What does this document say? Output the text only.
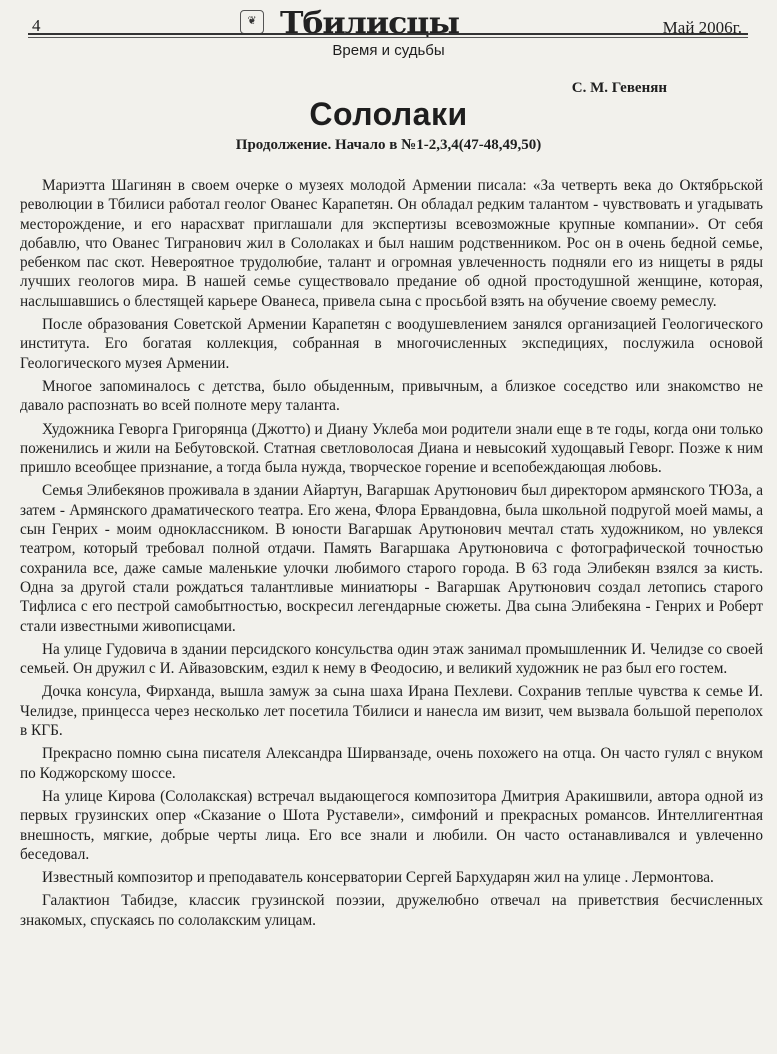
4	❦ Тбилисцы	Май 2006г.
Время и судьбы
С. М. Гевенян
Сололаки
Продолжение. Начало в №1-2,3,4(47-48,49,50)

Мариэтта Шагинян в своем очерке о музеях молодой Армении писала: «За четверть века до Октябрьской революции в Тбилиси работал геолог Ованес Карапетян. Он обладал редким талантом - чувствовать и угадывать месторождение, и его нарасхват приглашали для экспертизы всевозможные крупные компании». От себя добавлю, что Ованес Тигранович жил в Сололаках и был нашим родственником. Рос он в очень бедной семье, ребенком пас скот. Невероятное трудолюбие, талант и огромная увлеченность подняли его из нищеты в ряды лучших геологов мира. В нашей семье существовало предание об одной простодушной женщине, которая, наслышавшись о блестящей карьере Ованеса, привела сына с просьбой взять на обучение своему ремеслу.

После образования Советской Армении Карапетян с воодушевлением занялся организацией Геологического института. Его богатая коллекция, собранная в многочисленных экспедициях, послужила основой Геологического музея Армении.

Многое запоминалось с детства, было обыденным, привычным, а близкое соседство или знакомство не давало распознать во всей полноте меру таланта.

Художника Геворга Григорянца (Джотто) и Диану Уклеба мои родители знали еще в те годы, когда они только поженились и жили на Бебутовской. Статная светловолосая Диана и невысокий худощавый Геворг. Позже к ним пришло всеобщее признание, а тогда была нужда, творческое горение и всепобеждающая любовь.

Семья Элибекянов проживала в здании Айартун, Вагаршак Арутюнович был директором армянского ТЮЗа, а затем - Армянского драматического театра. Его жена, Флора Ервандовна, была школьной подругой моей мамы, а сын Генрих - моим одноклассником. В юности Вагаршак Арутюнович мечтал стать художником, но увлекся театром, который требовал полной отдачи. Память Вагаршака Арутюновича с фотографической точностью сохранила все, даже самые маленькие улочки любимого старого города. В 63 года Элибекян взялся за кисть. Одна за другой стали рождаться талантливые миниатюры - Вагаршак Арутюнович создал летопись старого Тифлиса с его пестрой самобытностью, воскресил легендарные сюжеты. Два сына Элибекяна - Генрих и Роберт стали известными живописцами.

На улице Гудовича в здании персидского консульства один этаж занимал промышленник И. Челидзе со своей семьей. Он дружил с И. Айвазовским, ездил к нему в Феодосию, и великий художник не раз был его гостем.

Дочка консула, Фирханда, вышла замуж за сына шаха Ирана Пехлеви. Сохранив теплые чувства к семье И. Челидзе, принцесса через несколько лет посетила Тбилиси и нанесла им визит, чем вызвала большой переполох в КГБ.

Прекрасно помню сына писателя Александра Ширванзаде, очень похожего на отца. Он часто гулял с внуком по Коджорскому шоссе.

На улице Кирова (Сололакская) встречал выдающегося композитора Дмитрия Аракишвили, автора одной из первых грузинских опер «Сказание о Шота Руставели», симфоний и прекрасных романсов. Интеллигентная внешность, мягкие, добрые черты лица. Его все знали и любили. Он часто останавливался и увлеченно беседовал.

Известный композитор и преподаватель консерватории Сергей Бархударян жил на улице . Лермонтова.

Галактион Табидзе, классик грузинской поэзии, дружелюбно отвечал на приветствия бесчисленных знакомых, спускаясь по сололакским улицам.
